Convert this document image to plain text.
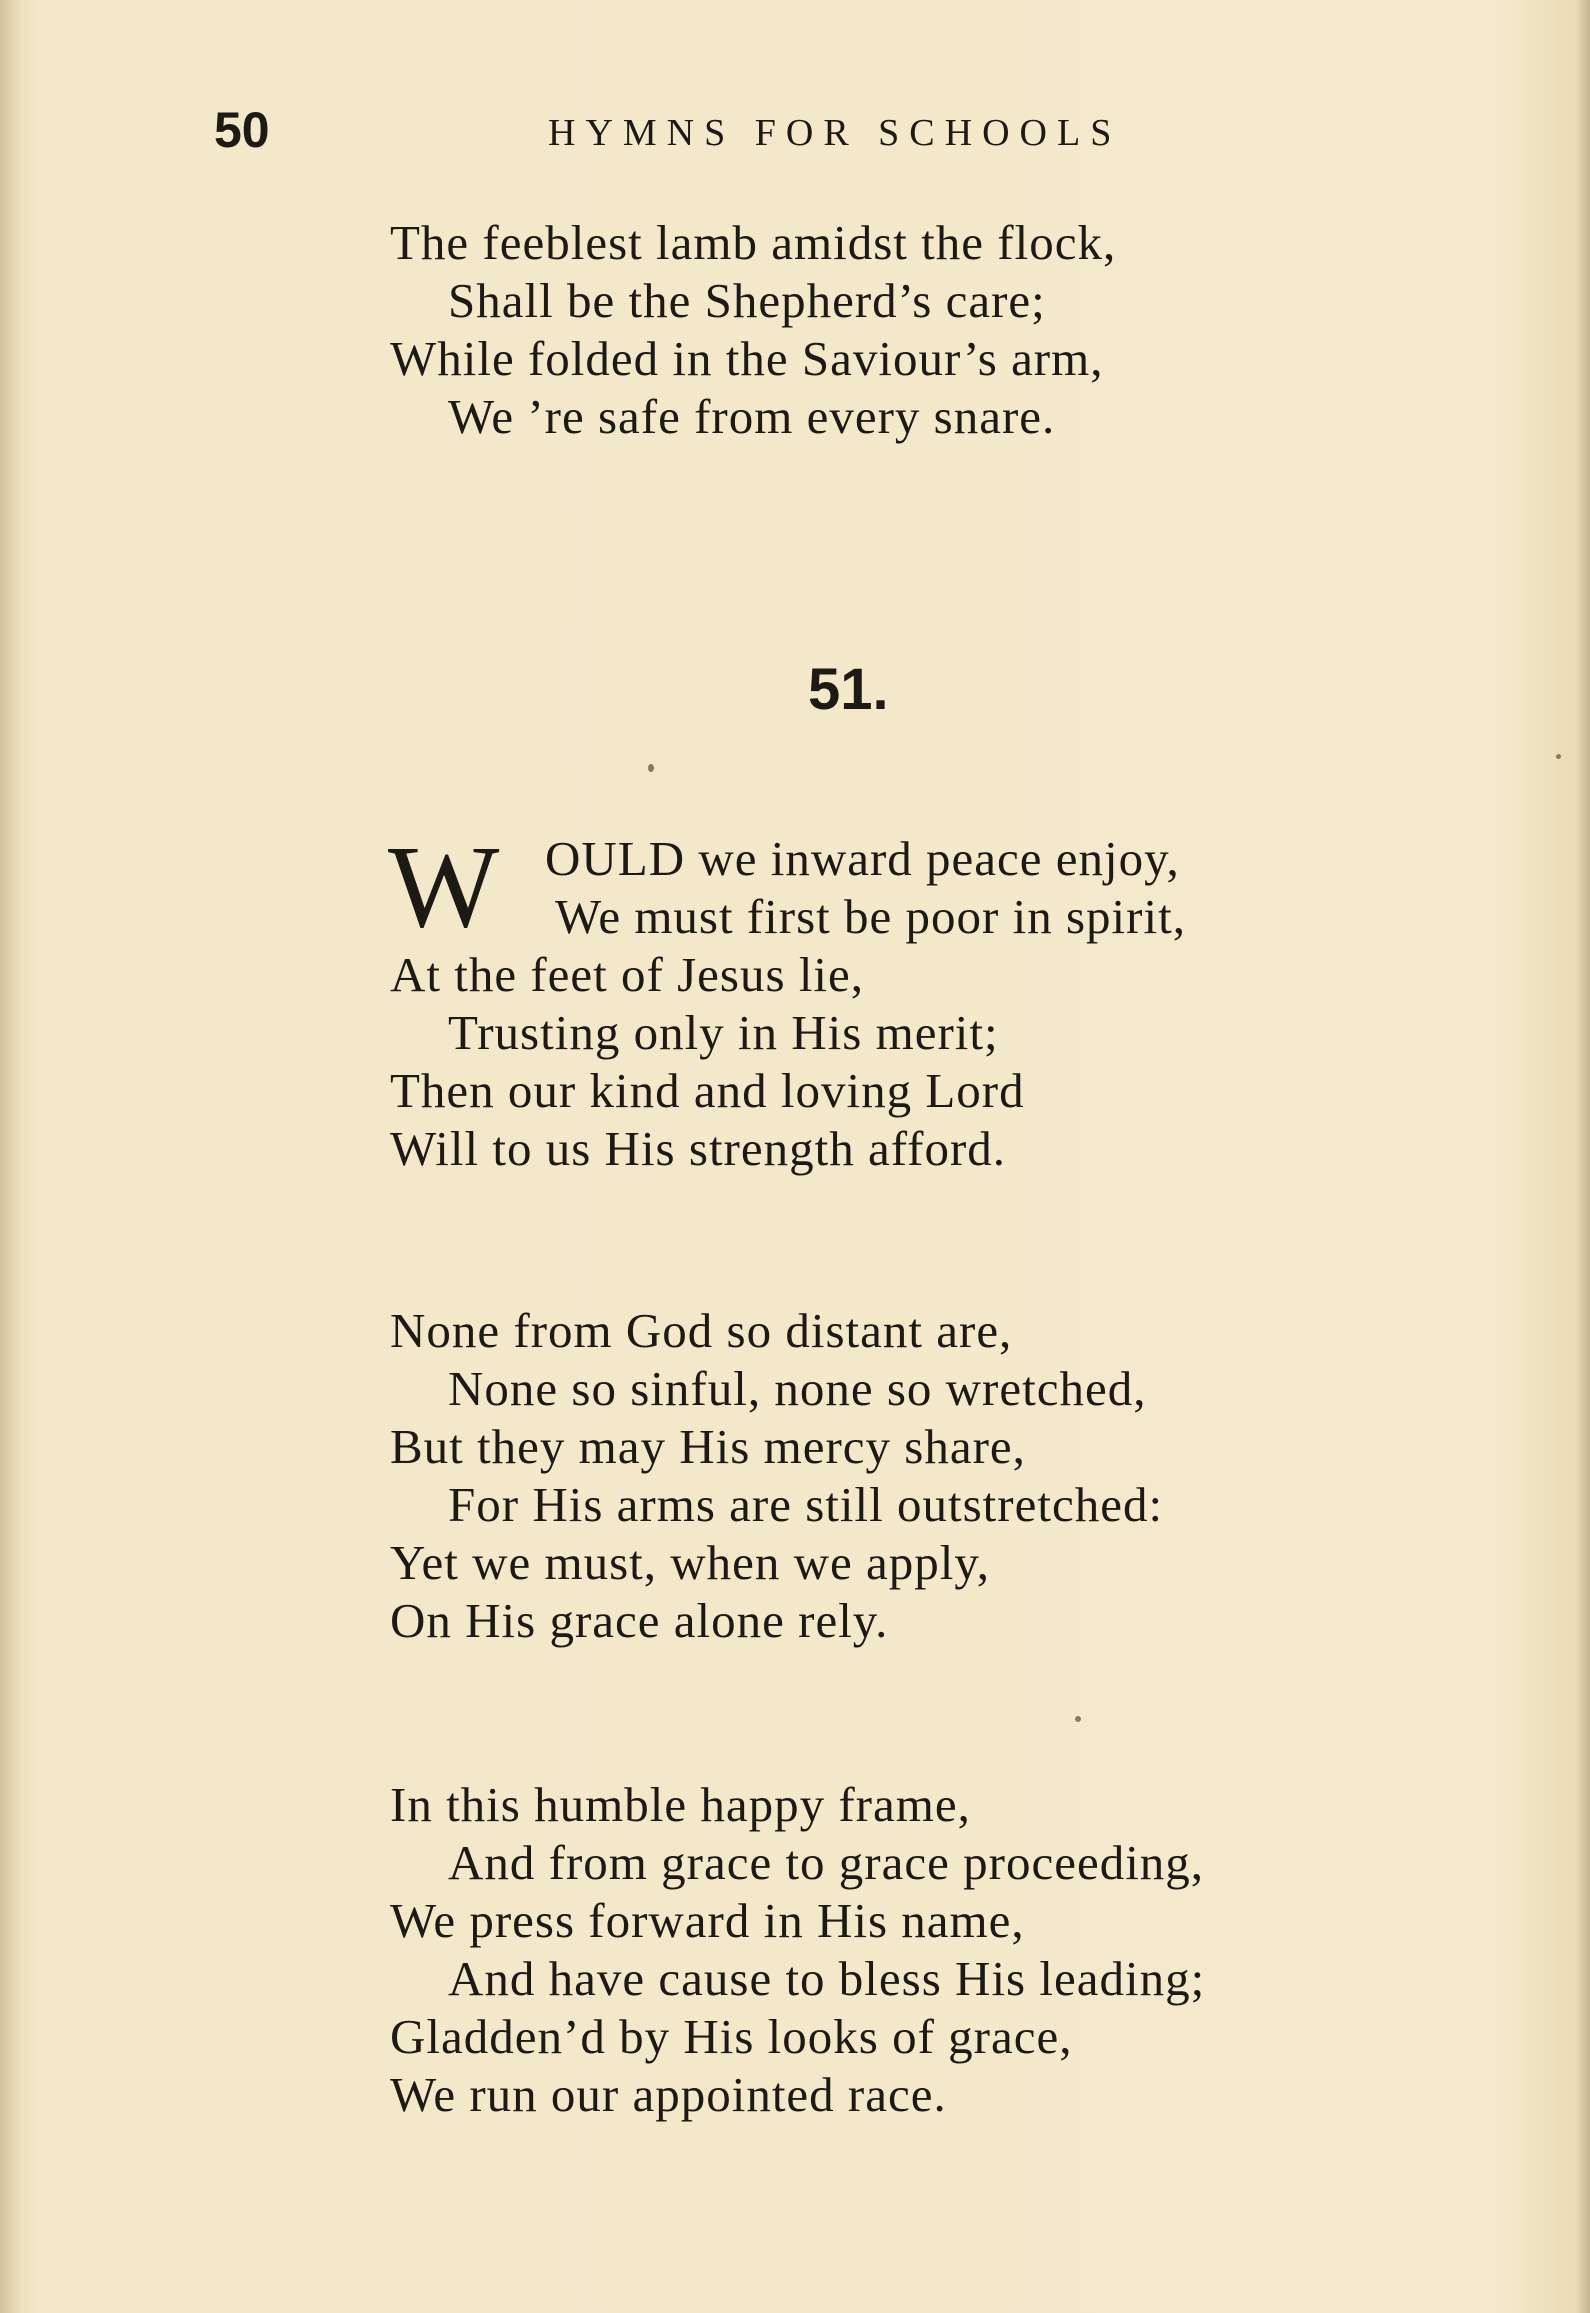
50	HYMNS FOR SCHOOLS
The feeblest lamb amidst the flock,
Shall be the Shepherd’s care;
While folded in the Saviour’s arm,
We ’re safe from every snare.
51.
W OULD we inward peace enjoy,
We must first be poor in spirit,
At the feet of Jesus lie,
Trusting only in His merit;
Then our kind and loving Lord
Will to us His strength afford.
None from God so distant are,
None so sinful, none so wretched,
But they may His mercy share,
For His arms are still outstretched:
Yet we must, when we apply,
On His grace alone rely.
In this humble happy frame,
And from grace to grace proceeding,
We press forward in His name,
And have cause to bless His leading;
Gladden’d by His looks of grace,
We run our appointed race.
